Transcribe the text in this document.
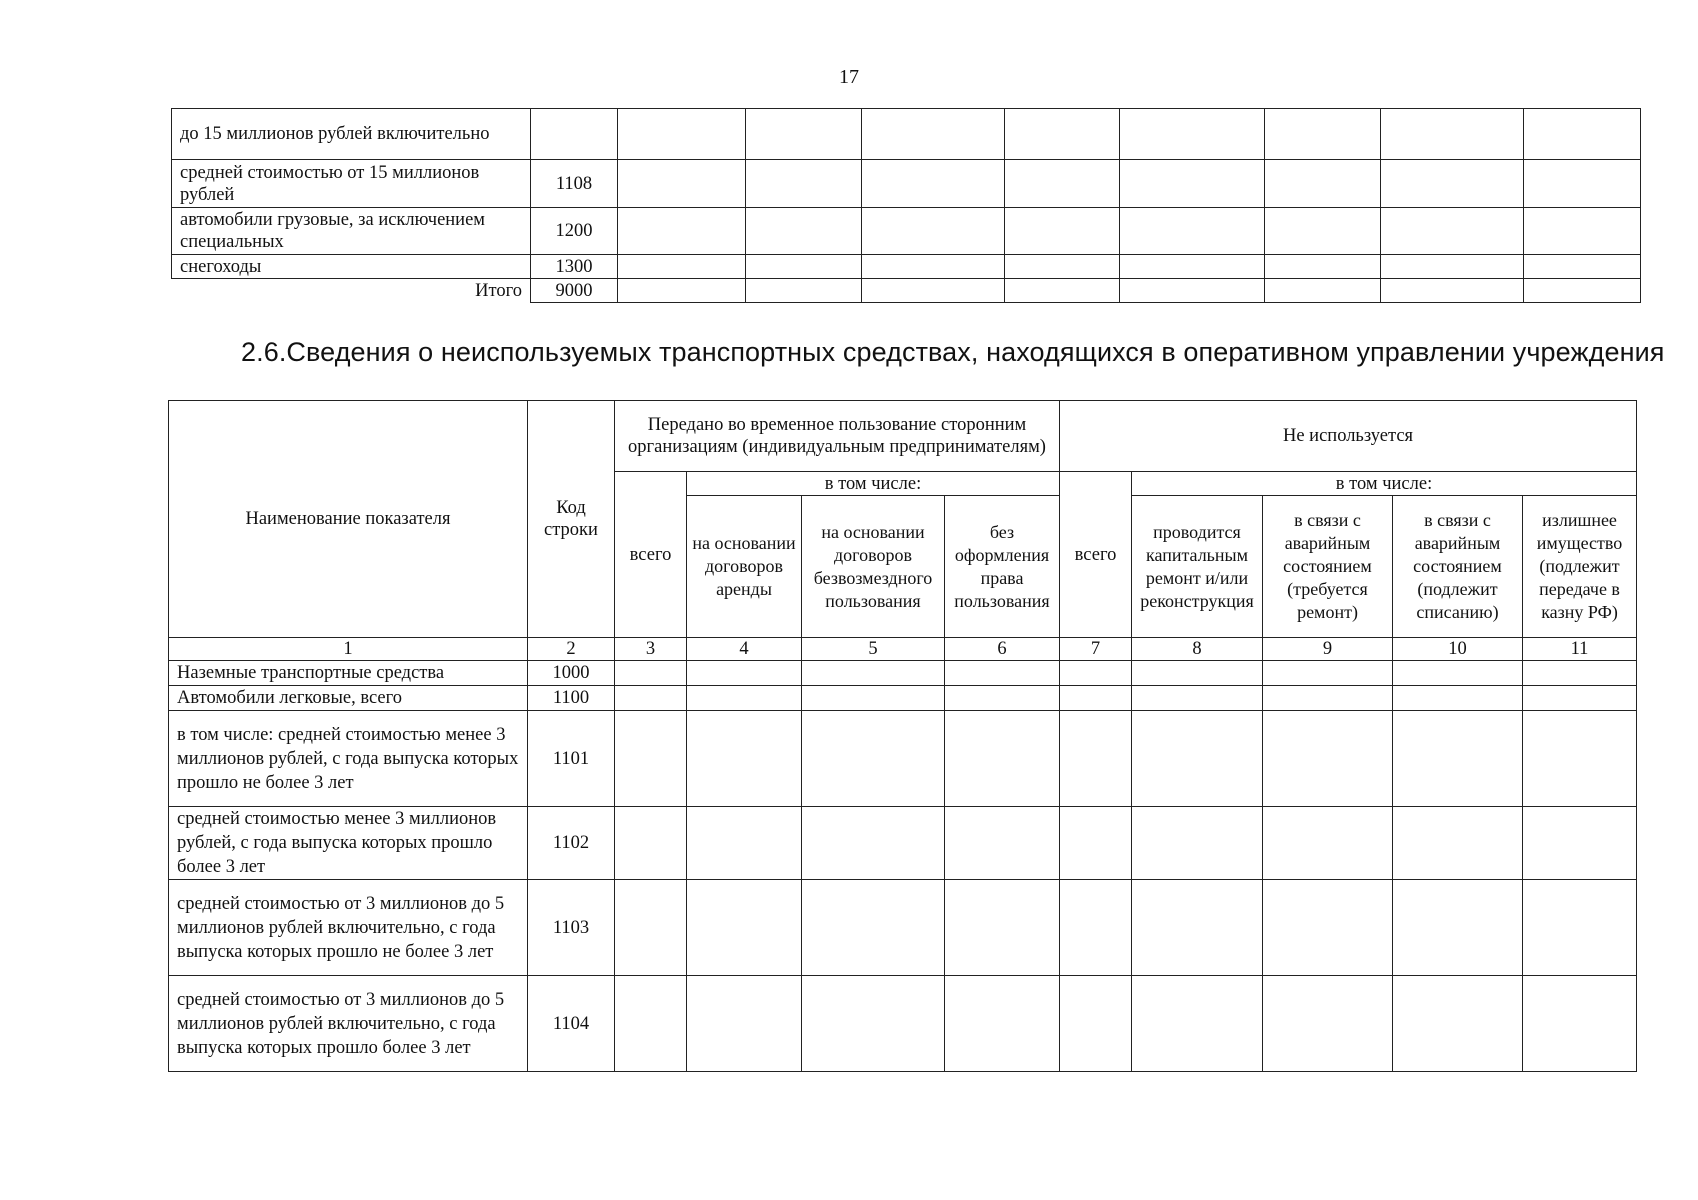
17
до 15 миллионов рублей включительно									
средней стоимостью от 15 миллионов рублей	1108								
автомобили грузовые, за исключением специальных	1200								
снегоходы	1300								
Итого	9000								
2.6.Сведения о неиспользуемых транспортных средствах, находящихся в оперативном управлении учреждения
Наименование показателя	Код строки	Передано во временное пользование сторонним организациям (индивидуальным предпринимателям)				Не используется				
		всего	в том числе:			всего	в том числе:			
			на основании договоров аренды	на основании договоров безвозмездного пользования	без оформления права пользования		проводится капитальным ремонт и/или реконструкция	в связи с аварийным состоянием (требуется ремонт)	в связи с аварийным состоянием (подлежит списанию)	излишнее имущество (подлежит передаче в казну РФ)
1	2	3	4	5	6	7	8	9	10	11
Наземные транспортные средства	1000									
Автомобили легковые, всего	1100									
в том числе: средней стоимостью менее 3 миллионов рублей, с года выпуска которых прошло не более 3 лет	1101									
средней стоимостью менее 3 миллионов рублей, с года выпуска которых прошло более 3 лет	1102									
средней стоимостью от 3 миллионов до 5 миллионов рублей включительно, с года выпуска которых прошло не более 3 лет	1103									
средней стоимостью от 3 миллионов до 5 миллионов рублей включительно, с года выпуска которых прошло более 3 лет	1104									
